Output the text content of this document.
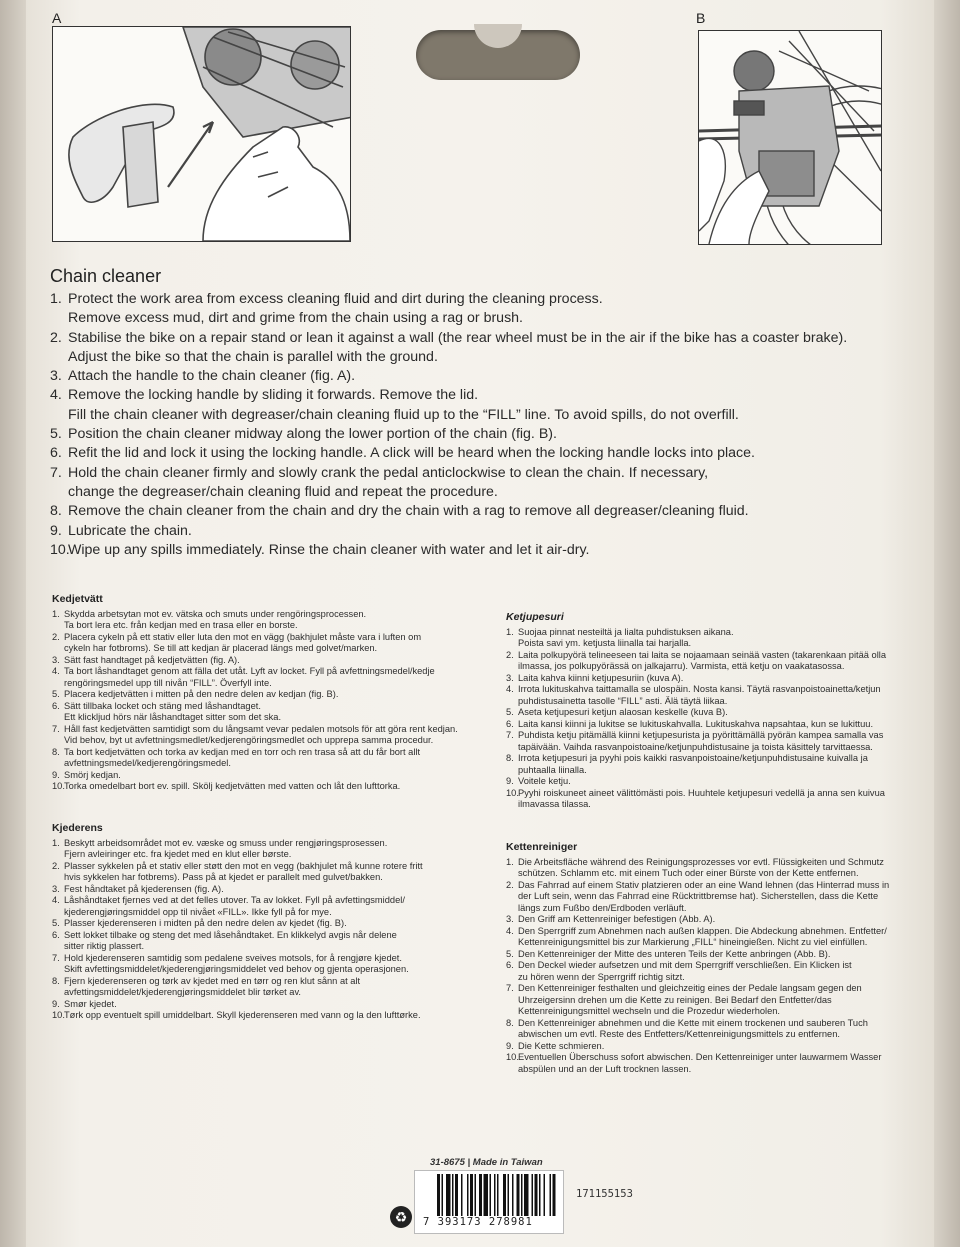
A	B
Chain cleaner
1. Protect the work area from excess cleaning fluid and dirt during the cleaning process.
Remove excess mud, dirt and grime from the chain using a rag or brush.
2. Stabilise the bike on a repair stand or lean it against a wall (the rear wheel must be in the air if the bike has a coaster brake).
Adjust the bike so that the chain is parallel with the ground.
3. Attach the handle to the chain cleaner (fig. A).
4. Remove the locking handle by sliding it forwards. Remove the lid.
Fill the chain cleaner with degreaser/chain cleaning fluid up to the “FILL” line. To avoid spills, do not overfill.
5. Position the chain cleaner midway along the lower portion of the chain (fig. B).
6. Refit the lid and lock it using the locking handle. A click will be heard when the locking handle locks into place.
7. Hold the chain cleaner firmly and slowly crank the pedal anticlockwise to clean the chain. If necessary,
change the degreaser/chain cleaning fluid and repeat the procedure.
8. Remove the chain cleaner from the chain and dry the chain with a rag to remove all degreaser/cleaning fluid.
9. Lubricate the chain.
10.
Wipe up any spills immediately. Rinse the chain cleaner with water and let it air-dry.
Kedjetvätt
1. Skydda arbetsytan mot ev. vätska och smuts under rengöringsprocessen.
Ta bort lera etc. från kedjan med en trasa eller en borste.
2. Placera cykeln på ett stativ eller luta den mot en vägg (bakhjulet måste vara i luften om
cykeln har fotbroms). Se till att kedjan är placerad längs med golvet/marken.
3. Sätt fast handtaget på kedjetvätten (fig. A).
4. Ta bort låshandtaget genom att fälla det utåt. Lyft av locket. Fyll på avfettningsmedel/kedje
rengöringsmedel upp till nivån “FILL”. Överfyll inte.
5. Placera kedjetvätten i mitten på den nedre delen av kedjan (fig. B).
6. Sätt tillbaka locket och stäng med låshandtaget.
Ett klickljud hörs när låshandtaget sitter som det ska.
7. Håll fast kedjetvätten samtidigt som du långsamt vevar pedalen motsols för att göra rent kedjan.
Vid behov, byt ut avfettningsmedlet/kedjerengöringsmedlet och upprepa samma procedur.
8. Ta bort kedjetvätten och torka av kedjan med en torr och ren trasa så att du får bort allt
avfettningsmedel/kedjerengöringsmedel.
9. Smörj kedjan.
10. Torka omedelbart bort ev. spill. Skölj kedjetvätten med vatten och låt den lufttorka.
Kjederens
1. Beskytt arbeidsområdet mot ev. væske og smuss under rengjøringsprosessen.
Fjern avleiringer etc. fra kjedet med en klut eller børste.
2. Plasser sykkelen på et stativ eller støtt den mot en vegg (bakhjulet må kunne rotere fritt
hvis sykkelen har fotbrems). Pass på at kjedet er parallelt med gulvet/bakken.
3. Fest håndtaket på kjederensen (fig. A).
4. Låshåndtaket fjernes ved at det felles utover. Ta av lokket. Fyll på avfettingsmiddel/
kjederengjøringsmiddel opp til nivået «FILL». Ikke fyll på for mye.
5. Plasser kjederenseren i midten på den nedre delen av kjedet (fig. B).
6. Sett lokket tilbake og steng det med låsehåndtaket. En klikkelyd avgis når delene
sitter riktig plassert.
7. Hold kjederenseren samtidig som pedalene sveives motsols, for å rengjøre kjedet.
Skift avfettingsmiddelet/kjederengjøringsmiddelet ved behov og gjenta operasjonen.
8. Fjern kjederenseren og tørk av kjedet med en tørr og ren klut sånn at alt
avfettingsmiddelet/kjederengjøringsmiddelet blir tørket av.
9. Smør kjedet.
10. Tørk opp eventuelt spill umiddelbart. Skyll kjederenseren med vann og la den lufttørke.
Ketjupesuri
1. Suojaa pinnat nesteiltä ja lialta puhdistuksen aikana.
Poista savi ym. ketjusta liinalla tai harjalla.
2. Laita polkupyörä telineeseen tai laita se nojaamaan seinää vasten (takarenkaan pitää olla
ilmassa, jos polkupyörässä on jalkajarru). Varmista, että ketju on vaakatasossa.
3. Laita kahva kiinni ketjupesuriin (kuva A).
4. Irrota lukituskahva taittamalla se ulospäin. Nosta kansi. Täytä rasvanpoistoainetta/ketjun
puhdistusainetta tasolle “FILL” asti. Älä täytä liikaa.
5. Aseta ketjupesuri ketjun alaosan keskelle (kuva B).
6. Laita kansi kiinni ja lukitse se lukituskahvalla. Lukituskahva napsahtaa, kun se lukittuu.
7. Puhdista ketju pitämällä kiinni ketjupesurista ja pyörittämällä pyörän kampea samalla vas
tapäivään. Vaihda rasvanpoistoaine/ketjunpuhdistusaine ja toista käsittely tarvittaessa.
8. Irrota ketjupesuri ja pyyhi pois kaikki rasvanpoistoaine/ketjunpuhdistusaine kuivalla ja
puhtaalla liinalla.
9. Voitele ketju.
10. Pyyhi roiskuneet aineet välittömästi pois. Huuhtele ketjupesuri vedellä ja anna sen kuivua
ilmavassa tilassa.
Kettenreiniger
1. Die Arbeitsfläche während des Reinigungsprozesses vor evtl. Flüssigkeiten und Schmutz
schützen. Schlamm etc. mit einem Tuch oder einer Bürste von der Kette entfernen.
2. Das Fahrrad auf einem Stativ platzieren oder an eine Wand lehnen (das Hinterrad muss in
der Luft sein, wenn das Fahrrad eine Rücktrittbremse hat). Sicherstellen, dass die Kette
längs zum Fußbo den/Erdboden verläuft.
3. Den Griff am Kettenreiniger befestigen (Abb. A).
4. Den Sperrgriff zum Abnehmen nach außen klappen. Die Abdeckung abnehmen. Entfetter/
Kettenreinigungsmittel bis zur Markierung „FILL“ hineingießen. Nicht zu viel einfüllen.
5. Den Kettenreiniger der Mitte des unteren Teils der Kette anbringen (Abb. B).
6. Den Deckel wieder aufsetzen und mit dem Sperrgriff verschließen. Ein Klicken ist
zu hören wenn der Sperrgriff richtig sitzt.
7. Den Kettenreiniger festhalten und gleichzeitig eines der Pedale langsam gegen den
Uhrzeigersinn drehen um die Kette zu reinigen. Bei Bedarf den Entfetter/das
Kettenreinigungsmittel wechseln und die Prozedur wiederholen.
8. Den Kettenreiniger abnehmen und die Kette mit einem trockenen und sauberen Tuch
abwischen um evtl. Reste des Entfetters/Kettenreinigungsmittels zu entfernen.
9. Die Kette schmieren.
10. Eventuellen Überschuss sofort abwischen. Den Kettenreiniger unter lauwarmem Wasser
abspülen und an der Luft trocknen lassen.
31-8675 | Made in Taiwan
♻	7 393173 278981
17115515З
